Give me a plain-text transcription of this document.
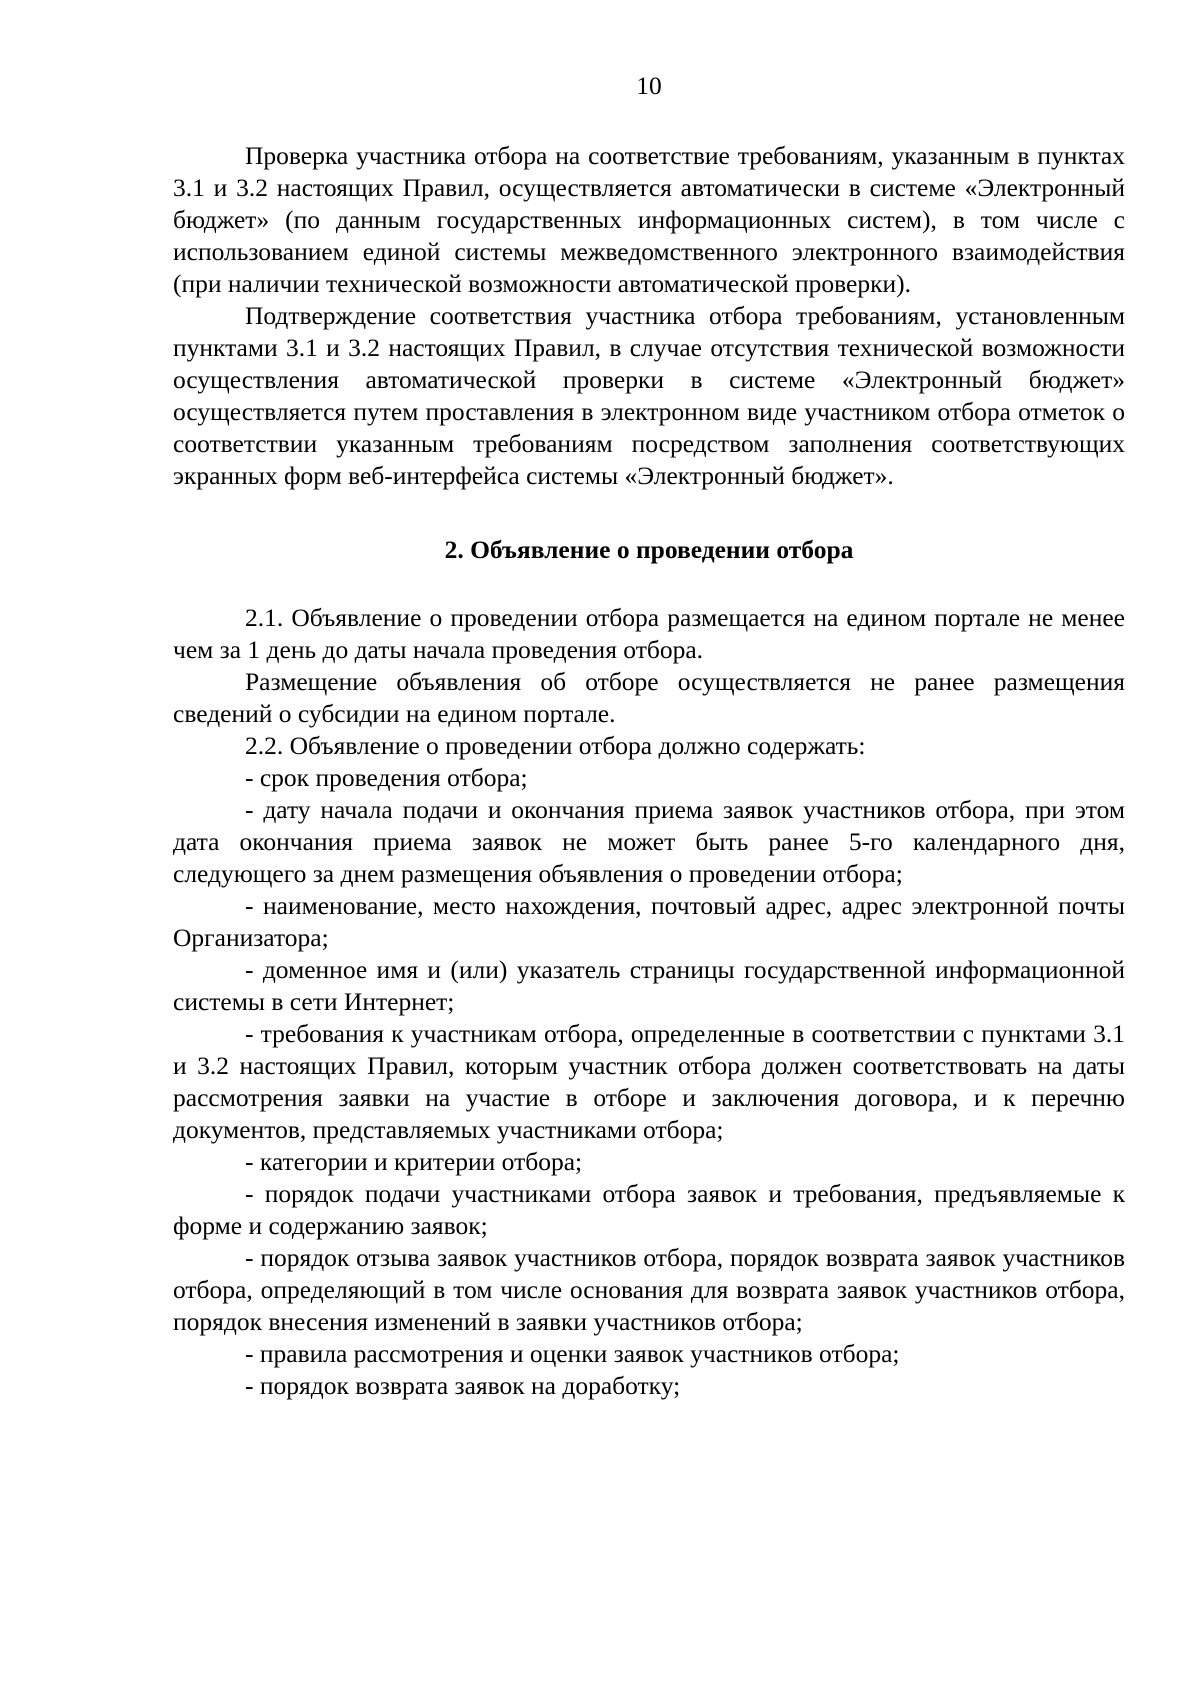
10

Проверка участника отбора на соответствие требованиям, указанным в пунктах 3.1 и 3.2 настоящих Правил, осуществляется автоматически в системе «Электронный бюджет» (по данным государственных информационных систем), в том числе с использованием единой системы межведомственного электронного взаимодействия (при наличии технической возможности автоматической проверки).

Подтверждение соответствия участника отбора требованиям, установленным пунктами 3.1 и 3.2 настоящих Правил, в случае отсутствия технической возможности осуществления автоматической проверки в системе «Электронный бюджет» осуществляется путем проставления в электронном виде участником отбора отметок о соответствии указанным требованиям посредством заполнения соответствующих экранных форм веб-интерфейса системы «Электронный бюджет».

2. Объявление о проведении отбора

2.1. Объявление о проведении отбора размещается на едином портале не менее чем за 1 день до даты начала проведения отбора.

Размещение объявления об отборе осуществляется не ранее размещения сведений о субсидии на едином портале.

2.2. Объявление о проведении отбора должно содержать:

- срок проведения отбора;

- дату начала подачи и окончания приема заявок участников отбора, при этом дата окончания приема заявок не может быть ранее 5-го календарного дня, следующего за днем размещения объявления о проведении отбора;

- наименование, место нахождения, почтовый адрес, адрес электронной почты Организатора;

- доменное имя и (или) указатель страницы государственной информационной системы в сети Интернет;

- требования к участникам отбора, определенные в соответствии с пунктами 3.1 и 3.2 настоящих Правил, которым участник отбора должен соответствовать на даты рассмотрения заявки на участие в отборе и заключения договора, и к перечню документов, представляемых участниками отбора;

- категории и критерии отбора;

- порядок подачи участниками отбора заявок и требования, предъявляемые к форме и содержанию заявок;

- порядок отзыва заявок участников отбора, порядок возврата заявок участников отбора, определяющий в том числе основания для возврата заявок участников отбора, порядок внесения изменений в заявки участников отбора;

- правила рассмотрения и оценки заявок участников отбора;

- порядок возврата заявок на доработку;
